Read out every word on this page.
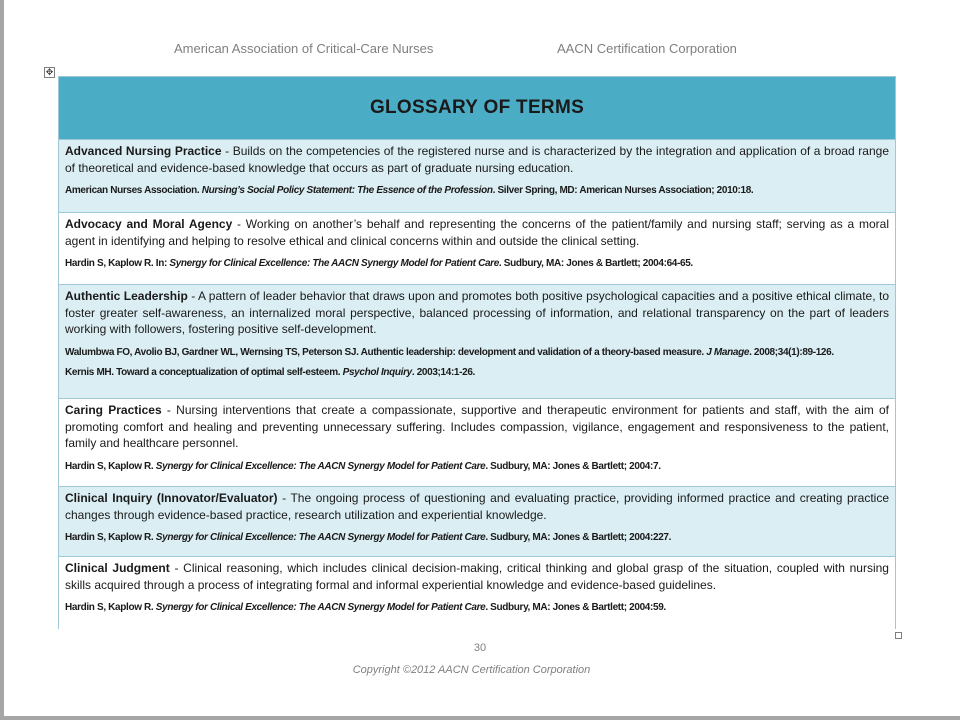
American Association of Critical-Care Nurses	AACN Certification Corporation
✥
GLOSSARY OF TERMS
Advanced Nursing Practice - Builds on the competencies of the registered nurse and is characterized by the integration and application of a broad range of theoretical and evidence-based knowledge that occurs as part of graduate nursing education.
American Nurses Association. Nursing’s Social Policy Statement: The Essence of the Profession. Silver Spring, MD: American Nurses Association; 2010:18.
Advocacy and Moral Agency - Working on another’s behalf and representing the concerns of the patient/family and nursing staff; serving as a moral agent in identifying and helping to resolve ethical and clinical concerns within and outside the clinical setting.
Hardin S, Kaplow R. In: Synergy for Clinical Excellence: The AACN Synergy Model for Patient Care. Sudbury, MA: Jones & Bartlett; 2004:64-65.
Authentic Leadership - A pattern of leader behavior that draws upon and promotes both positive psychological capacities and a positive ethical climate, to foster greater self-awareness, an internalized moral perspective, balanced processing of information, and relational transparency on the part of leaders working with followers, fostering positive self-development.
Walumbwa FO, Avolio BJ, Gardner WL, Wernsing TS, Peterson SJ. Authentic leadership: development and validation of a theory-based measure. J Manage. 2008;34(1):89-126.
Kernis MH. Toward a conceptualization of optimal self-esteem. Psychol Inquiry. 2003;14:1-26.
Caring Practices - Nursing interventions that create a compassionate, supportive and therapeutic environment for patients and staff, with the aim of promoting comfort and healing and preventing unnecessary suffering. Includes compassion, vigilance, engagement and responsiveness to the patient, family and healthcare personnel.
Hardin S, Kaplow R. Synergy for Clinical Excellence: The AACN Synergy Model for Patient Care. Sudbury, MA: Jones & Bartlett; 2004:7.
Clinical Inquiry (Innovator/Evaluator) - The ongoing process of questioning and evaluating practice, providing informed practice and creating practice changes through evidence-based practice, research utilization and experiential knowledge.
Hardin S, Kaplow R. Synergy for Clinical Excellence: The AACN Synergy Model for Patient Care. Sudbury, MA: Jones & Bartlett; 2004:227.
Clinical Judgment - Clinical reasoning, which includes clinical decision-making, critical thinking and global grasp of the situation, coupled with nursing skills acquired through a process of integrating formal and informal experiential knowledge and evidence-based guidelines.
Hardin S, Kaplow R. Synergy for Clinical Excellence: The AACN Synergy Model for Patient Care. Sudbury, MA: Jones & Bartlett; 2004:59.
30
Copyright ©2012 AACN Certification Corporation
